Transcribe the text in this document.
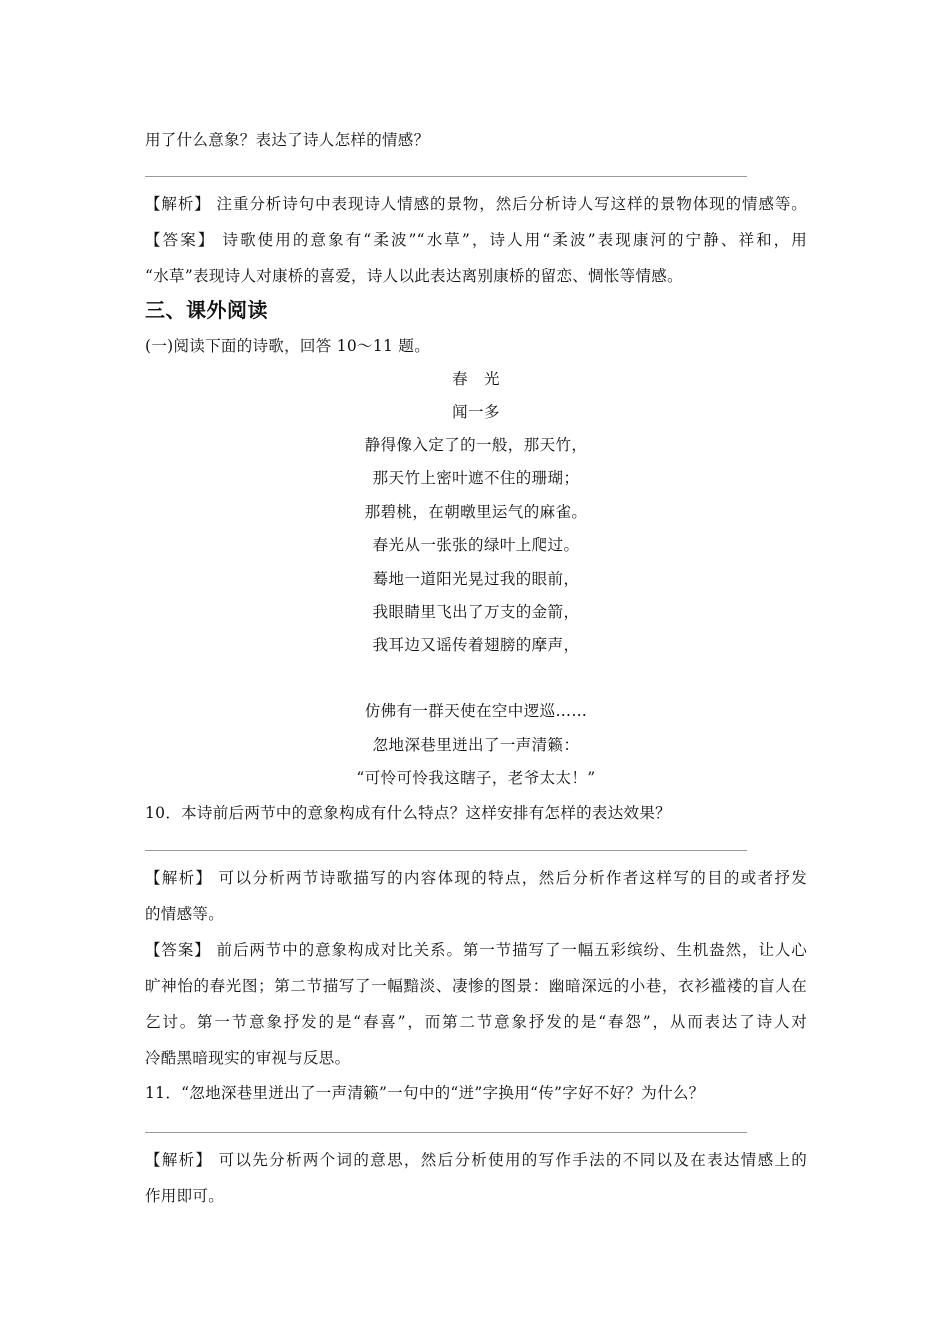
用了什么意象？表达了诗人怎样的情感？
【解析】 注重分析诗句中表现诗人情感的景物，然后分析诗人写这样的景物体现的情感等。
【答案】 诗歌使用的意象有“柔波”“水草”，诗人用“柔波”表现康河的宁静、祥和，用
“水草”表现诗人对康桥的喜爱，诗人以此表达离别康桥的留恋、惆怅等情感。
三、课外阅读
(一)阅读下面的诗歌，回答 10～11 题。
春　光
闻一多
静得像入定了的一般，那天竹，
那天竹上密叶遮不住的珊瑚；
那碧桃，在朝暾里运气的麻雀。
春光从一张张的绿叶上爬过。
蓦地一道阳光晃过我的眼前，
我眼睛里飞出了万支的金箭，
我耳边又谣传着翅膀的摩声，
仿佛有一群天使在空中逻巡……
忽地深巷里迸出了一声清籁：
“可怜可怜我这瞎子，老爷太太！”
10．本诗前后两节中的意象构成有什么特点？这样安排有怎样的表达效果？
【解析】 可以分析两节诗歌描写的内容体现的特点，然后分析作者这样写的目的或者抒发
的情感等。
【答案】 前后两节中的意象构成对比关系。第一节描写了一幅五彩缤纷、生机盎然，让人心
旷神怡的春光图；第二节描写了一幅黯淡、凄惨的图景：幽暗深远的小巷，衣衫褴褛的盲人在
乞讨。第一节意象抒发的是“春喜”，而第二节意象抒发的是“春怨”，从而表达了诗人对
冷酷黑暗现实的审视与反思。
11．“忽地深巷里迸出了一声清籁”一句中的“迸”字换用“传”字好不好？为什么？
【解析】 可以先分析两个词的意思，然后分析使用的写作手法的不同以及在表达情感上的
作用即可。
